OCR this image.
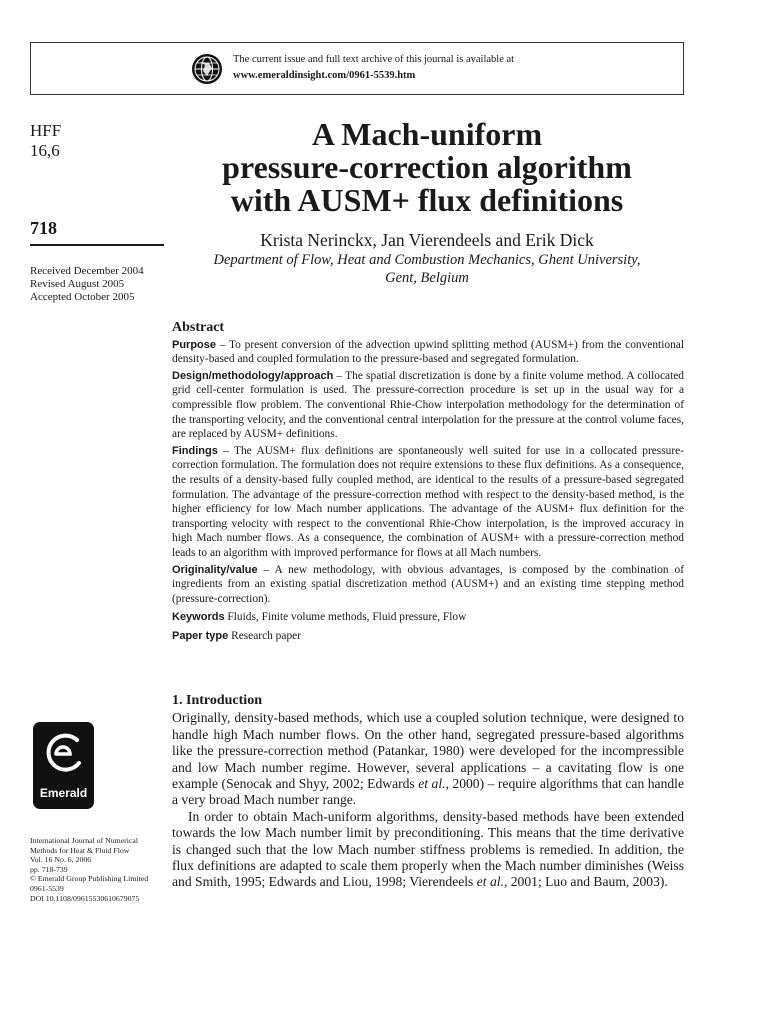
The current issue and full text archive of this journal is available at
www.emeraldinsight.com/0961-5539.htm
HFF
16,6
718
Received December 2004
Revised August 2005
Accepted October 2005
A Mach-uniform
pressure-correction algorithm
with AUSM+ flux definitions
Krista Nerinckx, Jan Vierendeels and Erik Dick
Department of Flow, Heat and Combustion Mechanics, Ghent University,
Gent, Belgium
Abstract

Purpose – To present conversion of the advection upwind splitting method (AUSM+) from the conventional density-based and coupled formulation to the pressure-based and segregated formulation.

Design/methodology/approach – The spatial discretization is done by a finite volume method. A collocated grid cell-center formulation is used. The pressure-correction procedure is set up in the usual way for a compressible flow problem. The conventional Rhie-Chow interpolation methodology for the determination of the transporting velocity, and the conventional central interpolation for the pressure at the control volume faces, are replaced by AUSM+ definitions.

Findings – The AUSM+ flux definitions are spontaneously well suited for use in a collocated pressure-correction formulation. The formulation does not require extensions to these flux definitions. As a consequence, the results of a density-based fully coupled method, are identical to the results of a pressure-based segregated formulation. The advantage of the pressure-correction method with respect to the density-based method, is the higher efficiency for low Mach number applications. The advantage of the AUSM+ flux definition for the transporting velocity with respect to the conventional Rhie-Chow interpolation, is the improved accuracy in high Mach number flows. As a consequence, the combination of AUSM+ with a pressure-correction method leads to an algorithm with improved performance for flows at all Mach numbers.

Originality/value – A new methodology, with obvious advantages, is composed by the combination of ingredients from an existing spatial discretization method (AUSM+) and an existing time stepping method (pressure-correction).

Keywords Fluids, Finite volume methods, Fluid pressure, Flow

Paper type Research paper

1. Introduction

Originally, density-based methods, which use a coupled solution technique, were designed to handle high Mach number flows. On the other hand, segregated pressure-based algorithms like the pressure-correction method (Patankar, 1980) were developed for the incompressible and low Mach number regime. However, several applications – a cavitating flow is one example (Senocak and Shyy, 2002; Edwards et al., 2000) – require algorithms that can handle a very broad Mach number range.

In order to obtain Mach-uniform algorithms, density-based methods have been extended towards the low Mach number limit by preconditioning. This means that the time derivative is changed such that the low Mach number stiffness problems is remedied. In addition, the flux definitions are adapted to scale them properly when the Mach number diminishes (Weiss and Smith, 1995; Edwards and Liou, 1998; Vierendeels et al., 2001; Luo and Baum, 2003).

Emerald
International Journal of Numerical
Methods for Heat & Fluid Flow
Vol. 16 No. 6, 2006
pp. 718-739
© Emerald Group Publishing Limited
0961-5539
DOI 10.1108/09615530610679075
